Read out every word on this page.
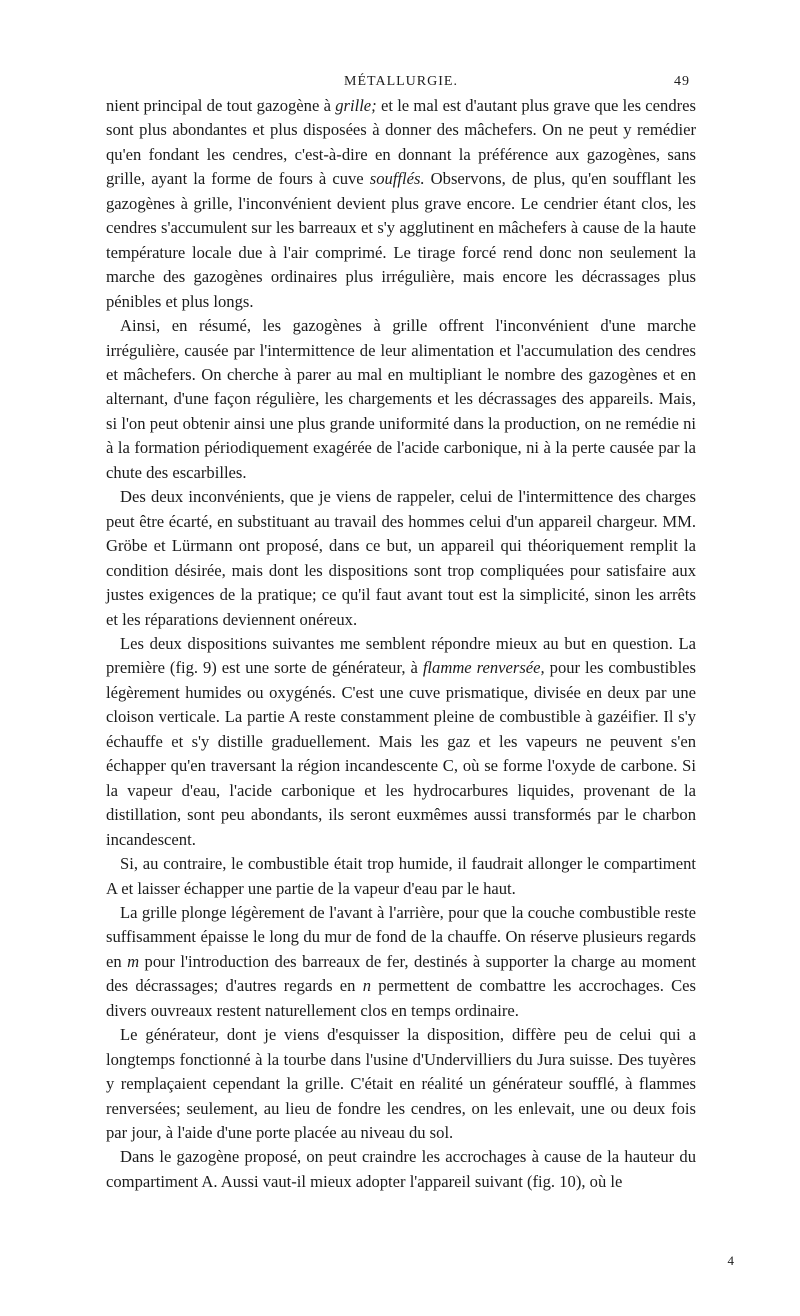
MÉTALLURGIE.	49

nient principal de tout gazogène à grille; et le mal est d'autant plus grave que les cendres sont plus abondantes et plus disposées à donner des mâchefers. On ne peut y remédier qu'en fondant les cendres, c'est-à-dire en donnant la préférence aux gazogènes, sans grille, ayant la forme de fours à cuve soufflés. Observons, de plus, qu'en soufflant les gazogènes à grille, l'inconvénient devient plus grave encore. Le cendrier étant clos, les cendres s'accumulent sur les barreaux et s'y agglutinent en mâchefers à cause de la haute température locale due à l'air comprimé. Le tirage forcé rend donc non seulement la marche des gazogènes ordinaires plus irrégulière, mais encore les décrassages plus pénibles et plus longs.

Ainsi, en résumé, les gazogènes à grille offrent l'inconvénient d'une marche irrégulière, causée par l'intermittence de leur alimentation et l'accumulation des cendres et mâchefers. On cherche à parer au mal en multipliant le nombre des gazogènes et en alternant, d'une façon régulière, les chargements et les décrassages des appareils. Mais, si l'on peut obtenir ainsi une plus grande uniformité dans la production, on ne remédie ni à la formation périodiquement exagérée de l'acide carbonique, ni à la perte causée par la chute des escarbilles.

Des deux inconvénients, que je viens de rappeler, celui de l'intermittence des charges peut être écarté, en substituant au travail des hommes celui d'un appareil chargeur. MM. Gröbe et Lürmann ont proposé, dans ce but, un appareil qui théoriquement remplit la condition désirée, mais dont les dispositions sont trop compliquées pour satisfaire aux justes exigences de la pratique; ce qu'il faut avant tout est la simplicité, sinon les arrêts et les réparations deviennent onéreux.

Les deux dispositions suivantes me semblent répondre mieux au but en question. La première (fig. 9) est une sorte de générateur, à flamme renversée, pour les combustibles légèrement humides ou oxygénés. C'est une cuve prismatique, divisée en deux par une cloison verticale. La partie A reste constamment pleine de combustible à gazéifier. Il s'y échauffe et s'y distille graduellement. Mais les gaz et les vapeurs ne peuvent s'en échapper qu'en traversant la région incandescente C, où se forme l'oxyde de carbone. Si la vapeur d'eau, l'acide carbonique et les hydrocarbures liquides, provenant de la distillation, sont peu abondants, ils seront euxmêmes aussi transformés par le charbon incandescent.

Si, au contraire, le combustible était trop humide, il faudrait allonger le compartiment A et laisser échapper une partie de la vapeur d'eau par le haut.

La grille plonge légèrement de l'avant à l'arrière, pour que la couche combustible reste suffisamment épaisse le long du mur de fond de la chauffe. On réserve plusieurs regards en m pour l'introduction des barreaux de fer, destinés à supporter la charge au moment des décrassages; d'autres regards en n permettent de combattre les accrochages. Ces divers ouvreaux restent naturellement clos en temps ordinaire.

Le générateur, dont je viens d'esquisser la disposition, diffère peu de celui qui a longtemps fonctionné à la tourbe dans l'usine d'Undervilliers du Jura suisse. Des tuyères y remplaçaient cependant la grille. C'était en réalité un générateur soufflé, à flammes renversées; seulement, au lieu de fondre les cendres, on les enlevait, une ou deux fois par jour, à l'aide d'une porte placée au niveau du sol.

Dans le gazogène proposé, on peut craindre les accrochages à cause de la hauteur du compartiment A. Aussi vaut-il mieux adopter l'appareil suivant (fig. 10), où le

4
